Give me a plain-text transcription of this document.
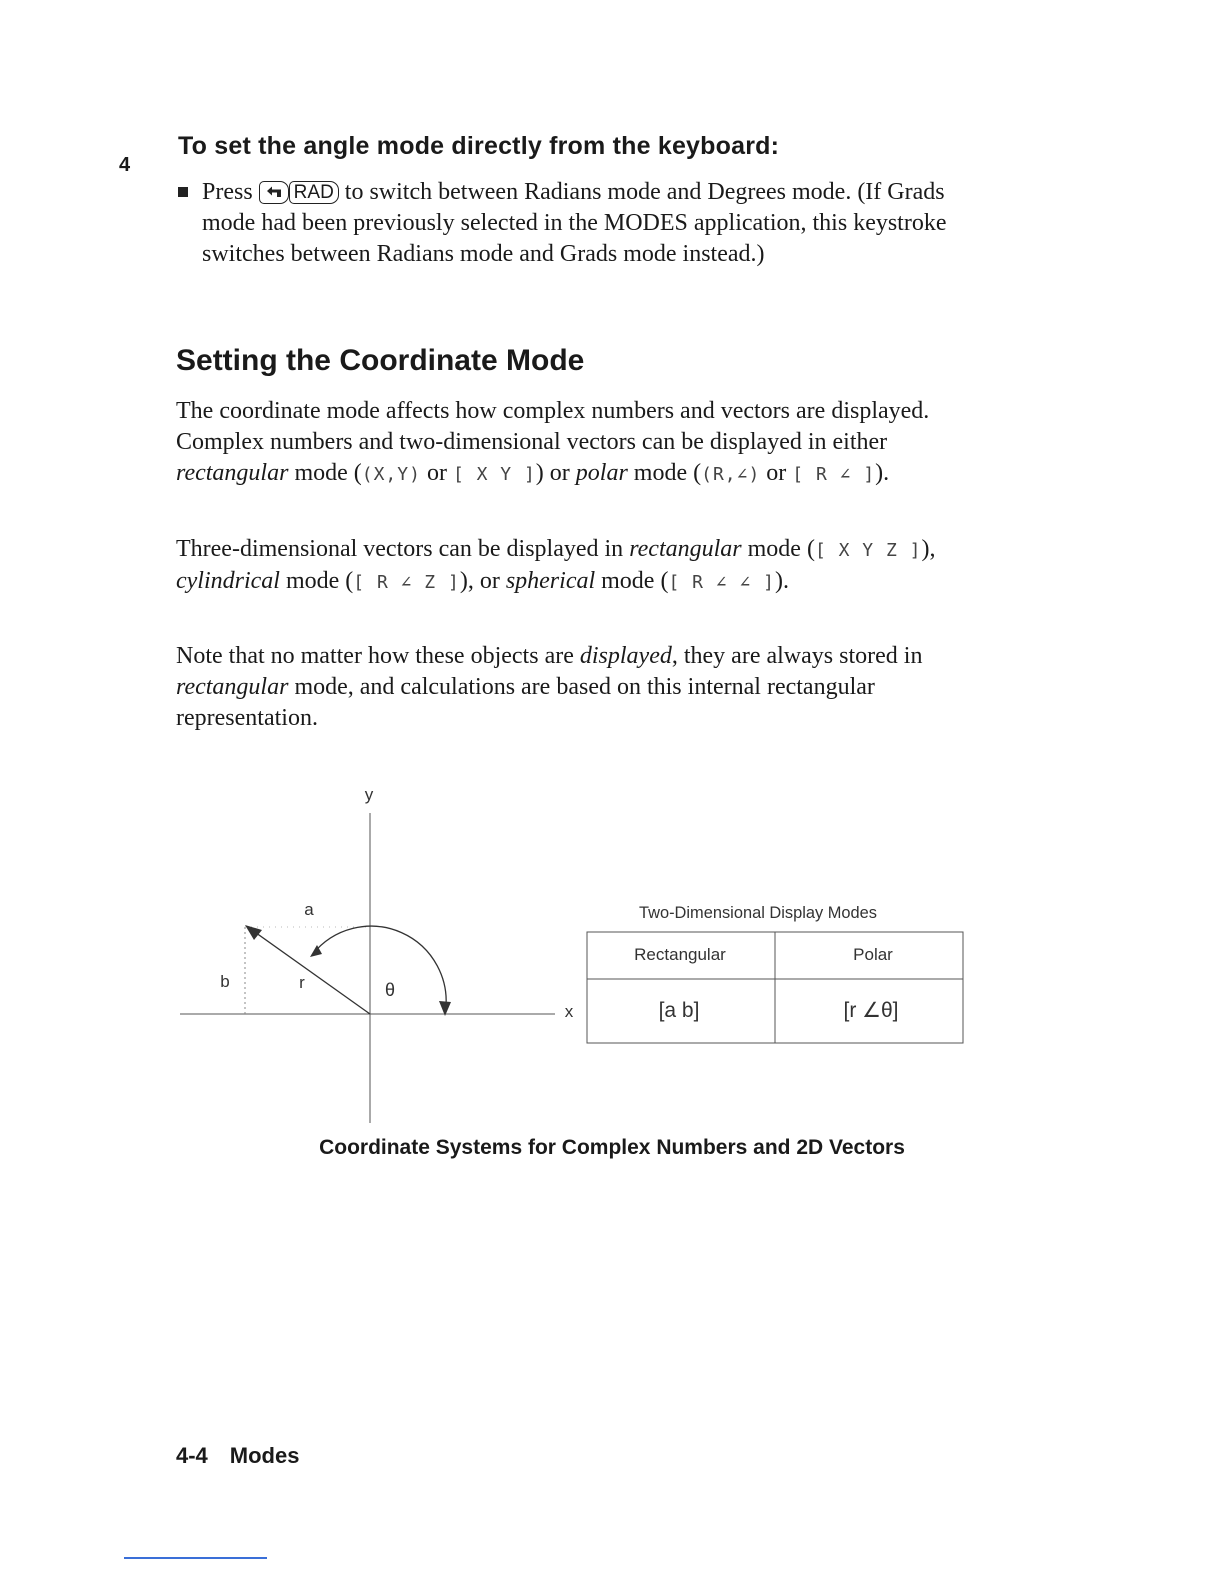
4
To set the angle mode directly from the keyboard:
Press RAD to switch between Radians mode and Degrees mode. (If Grads mode had been previously selected in the MODES application, this keystroke switches between Radians mode and Grads mode instead.)
Setting the Coordinate Mode

The coordinate mode affects how complex numbers and vectors are displayed. Complex numbers and two-dimensional vectors can be displayed in either rectangular mode ((X,Y) or [ X Y ]) or polar mode ((R,∠) or [ R ∠ ]).

Three-dimensional vectors can be displayed in rectangular mode ([ X Y Z ]), cylindrical mode ([ R ∠ Z ]), or spherical mode ([ R ∠ ∠ ]).

Note that no matter how these objects are displayed, they are always stored in rectangular mode, and calculations are based on this internal rectangular representation.

y
x
a
b	r	θ
Two-Dimensional Display Modes
Rectangular	Polar
[a b]	[r ∠θ]
Coordinate Systems for Complex Numbers and 2D Vectors
4-4 Modes
